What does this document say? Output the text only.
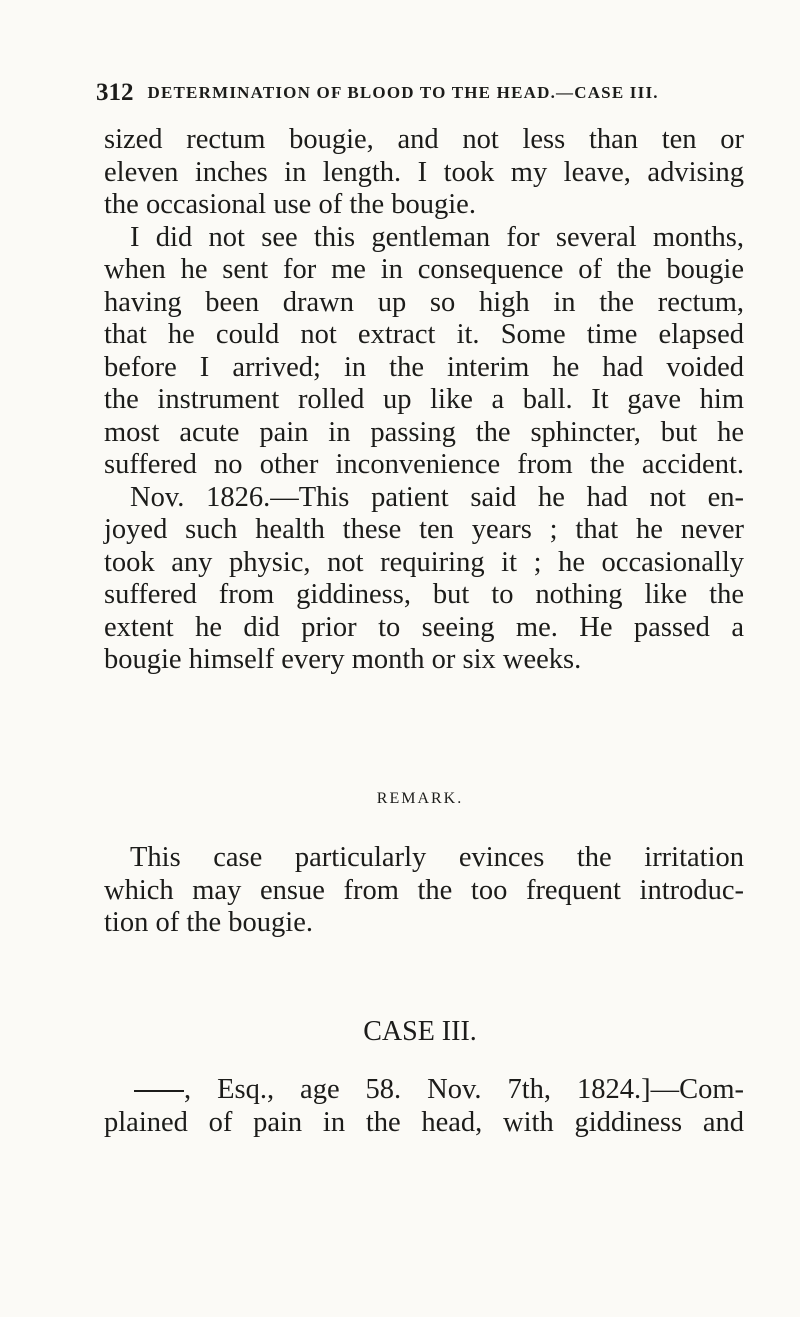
312 DETERMINATION OF BLOOD TO THE HEAD.—CASE III.
sized rectum bougie, and not less than ten or
eleven inches in length. I took my leave, advising
the occasional use of the bougie.
I did not see this gentleman for several months,
when he sent for me in consequence of the bougie
having been drawn up so high in the rectum,
that he could not extract it. Some time elapsed
before I arrived; in the interim he had voided
the instrument rolled up like a ball. It gave him
most acute pain in passing the sphincter, but he
suffered no other inconvenience from the accident.
Nov. 1826.—This patient said he had not en-
joyed such health these ten years ; that he never
took any physic, not requiring it ; he occasionally
suffered from giddiness, but to nothing like the
extent he did prior to seeing me. He passed a
bougie himself every month or six weeks.
REMARK.
This case particularly evinces the irritation
which may ensue from the too frequent introduc-
tion of the bougie.
CASE III.
, Esq., age 58. Nov. 7th, 1824.]—Com-
plained of pain in the head, with giddiness and
